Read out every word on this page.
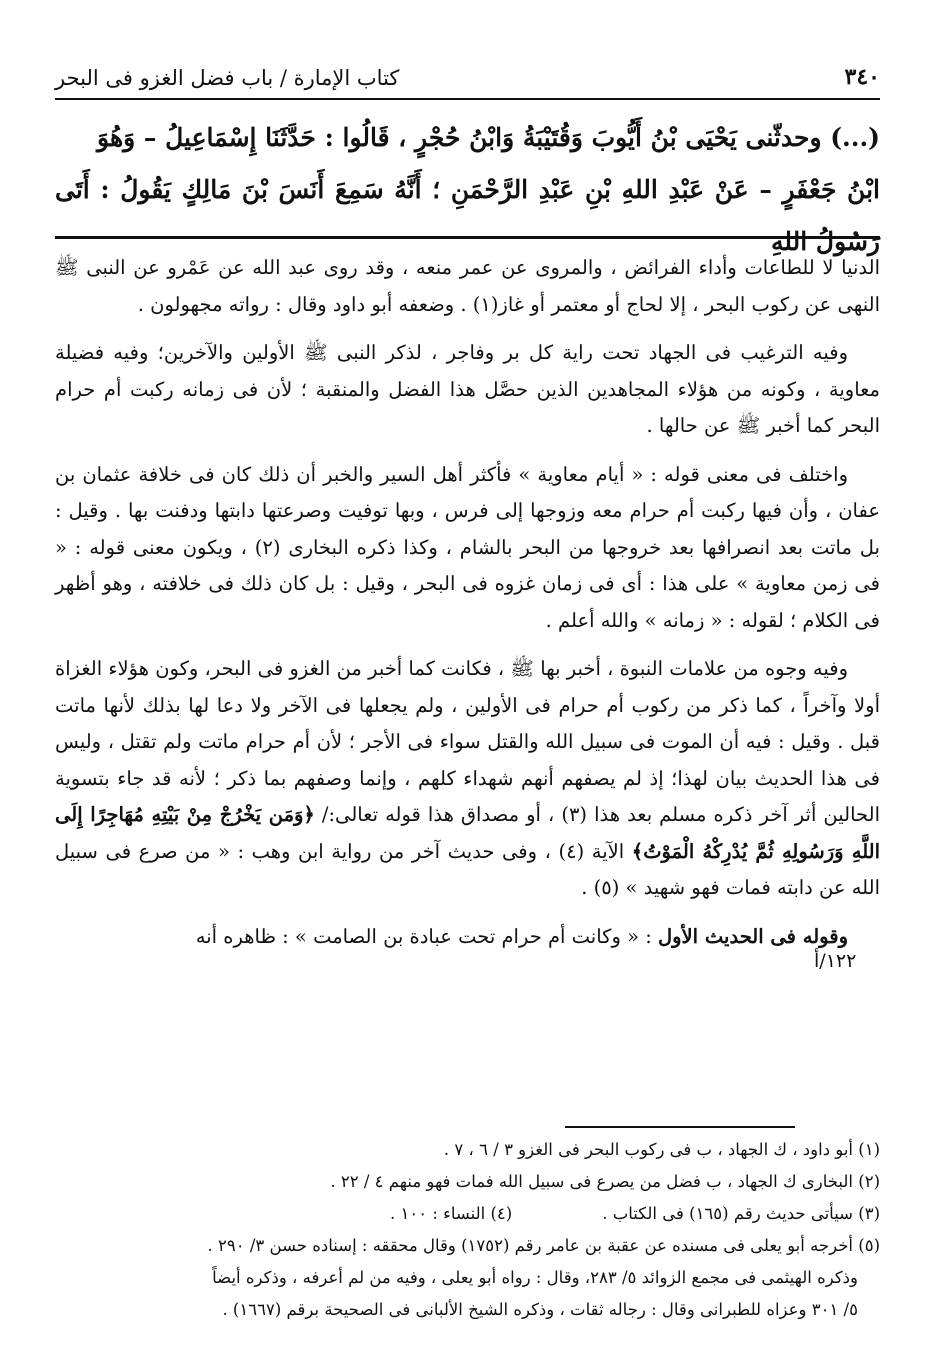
٣٤٠
كتاب الإمارة / باب فضل الغزو فى البحر

(...) وحدثّنى يَحْيَى بْنُ أَيُّوبَ وَقُتَيْبَةُ وَابْنُ حُجْرٍ ، قَالُوا : حَدَّثَنَا إِسْمَاعِيلُ – وَهُوَ

ابْنُ جَعْفَرٍ – عَنْ عَبْدِ اللهِ بْنِ عَبْدِ الرَّحْمَنِ ؛ أَنَّهُ سَمِعَ أَنَسَ بْنَ مَالِكٍ يَقُولُ : أَتَى رَسُولُ اللهِ

الدنيا لا للطاعات وأداء الفرائض ، والمروى عن عمر منعه ، وقد روى عبد الله عن عَمْرو عن النبى ﷺ النهى عن ركوب البحر ، إلا لحاج أو معتمر أو غاز(١) . وضعفه أبو داود وقال : رواته مجهولون .

وفيه الترغيب فى الجهاد تحت راية كل بر وفاجر ، لذكر النبى ﷺ الأولين والآخرين؛ وفيه فضيلة معاوية ، وكونه من هؤلاء المجاهدين الذين حصَّل هذا الفضل والمنقبة ؛ لأن فى زمانه ركبت أم حرام البحر كما أخبر ﷺ عن حالها .

واختلف فى معنى قوله : « أيام معاوية » فأكثر أهل السير والخبر أن ذلك كان فى خلافة عثمان بن عفان ، وأن فيها ركبت أم حرام معه وزوجها إلى فرس ، وبها توفيت وصرعتها دابتها ودفنت بها . وقيل : بل ماتت بعد انصرافها بعد خروجها من البحر بالشام ، وكذا ذكره البخارى (٢) ، ويكون معنى قوله : « فى زمن معاوية » على هذا : أى فى زمان غزوه فى البحر ، وقيل : بل كان ذلك فى خلافته ، وهو أظهر فى الكلام ؛ لقوله : « زمانه » والله أعلم .

وفيه وجوه من علامات النبوة ، أخبر بها ﷺ ، فكانت كما أخبر من الغزو فى البحر، وكون هؤلاء الغزاة أولا وآخراً ، كما ذكر من ركوب أم حرام فى الأولين ، ولم يجعلها فى الآخر ولا دعا لها بذلك لأنها ماتت قبل . وقيل : فيه أن الموت فى سبيل الله والقتل سواء فى الأجر ؛ لأن أم حرام ماتت ولم تقتل ، وليس فى هذا الحديث بيان لهذا؛ إذ لم يصفهم أنهم شهداء كلهم ، وإنما وصفهم بما ذكر ؛ لأنه قد جاء بتسوية الحالين أثر آخر ذكره مسلم بعد هذا (٣) ، أو مصداق هذا قوله تعالى:/ ﴿وَمَن يَخْرُجْ مِنْ بَيْتِهِ مُهَاجِرًا إِلَى اللَّهِ وَرَسُولِهِ ثُمَّ يُدْرِكْهُ الْمَوْتُ﴾ الآية (٤) ، وفى حديث آخر من رواية ابن وهب : « من صرع فى سبيل الله عن دابته فمات فهو شهيد » (٥) .

وقوله فى الحديث الأول : « وكانت أم حرام تحت عبادة بن الصامت » : ظاهره أنه

١٢٢/أ
(١) أبو داود ، ك الجهاد ، ب فى ركوب البحر فى الغزو ٣ / ٦ ، ٧ .
(٢) البخارى ك الجهاد ، ب فضل من يصرع فى سبيل الله فمات فهو منهم ٤ / ٢٢ .
(٣) سيأتى حديث رقم (١٦٥) فى الكتاب .(٤) النساء : ١٠٠ .
(٥) أخرجه أبو يعلى فى مسنده عن عقبة بن عامر رقم (١٧٥٢) وقال محققه : إسناده حسن ٣/ ٢٩٠ .
وذكره الهيثمى فى مجمع الزوائد ٥/ ٢٨٣، وقال : رواه أبو يعلى ، وفيه من لم أعرفه ، وذكره أيضاً
٥/ ٣٠١ وعزاه للطبرانى وقال : رجاله ثقات ، وذكره الشيخ الألبانى فى الصحيحة برقم (١٦٦٧) .
